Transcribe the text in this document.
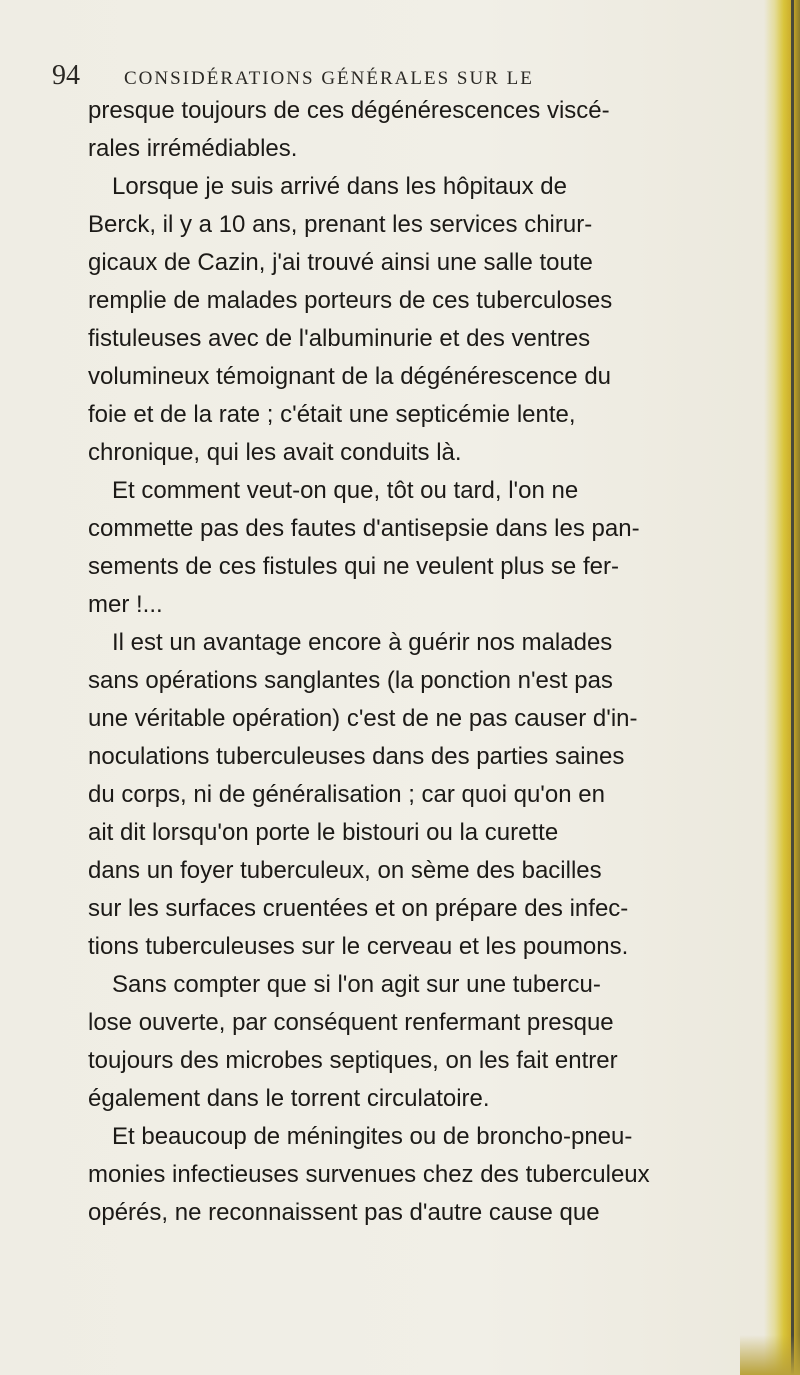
94 CONSIDÉRATIONS GÉNÉRALES SUR LE
presque toujours de ces dégénérescences viscé-
rales irrémédiables.
Lorsque je suis arrivé dans les hôpitaux de
Berck, il y a 10 ans, prenant les services chirur-
gicaux de Cazin, j'ai trouvé ainsi une salle toute
remplie de malades porteurs de ces tuberculoses
fistuleuses avec de l'albuminurie et des ventres
volumineux témoignant de la dégénérescence du
foie et de la rate ; c'était une septicémie lente,
chronique, qui les avait conduits là.
Et comment veut-on que, tôt ou tard, l'on ne
commette pas des fautes d'antisepsie dans les pan-
sements de ces fistules qui ne veulent plus se fer-
mer !...
Il est un avantage encore à guérir nos malades
sans opérations sanglantes (la ponction n'est pas
une véritable opération) c'est de ne pas causer d'in-
noculations tuberculeuses dans des parties saines
du corps, ni de généralisation ; car quoi qu'on en
ait dit lorsqu'on porte le bistouri ou la curette
dans un foyer tuberculeux, on sème des bacilles
sur les surfaces cruentées et on prépare des infec-
tions tuberculeuses sur le cerveau et les poumons.
Sans compter que si l'on agit sur une tubercu-
lose ouverte, par conséquent renfermant presque
toujours des microbes septiques, on les fait entrer
également dans le torrent circulatoire.
Et beaucoup de méningites ou de broncho-pneu-
monies infectieuses survenues chez des tuberculeux
opérés, ne reconnaissent pas d'autre cause que
